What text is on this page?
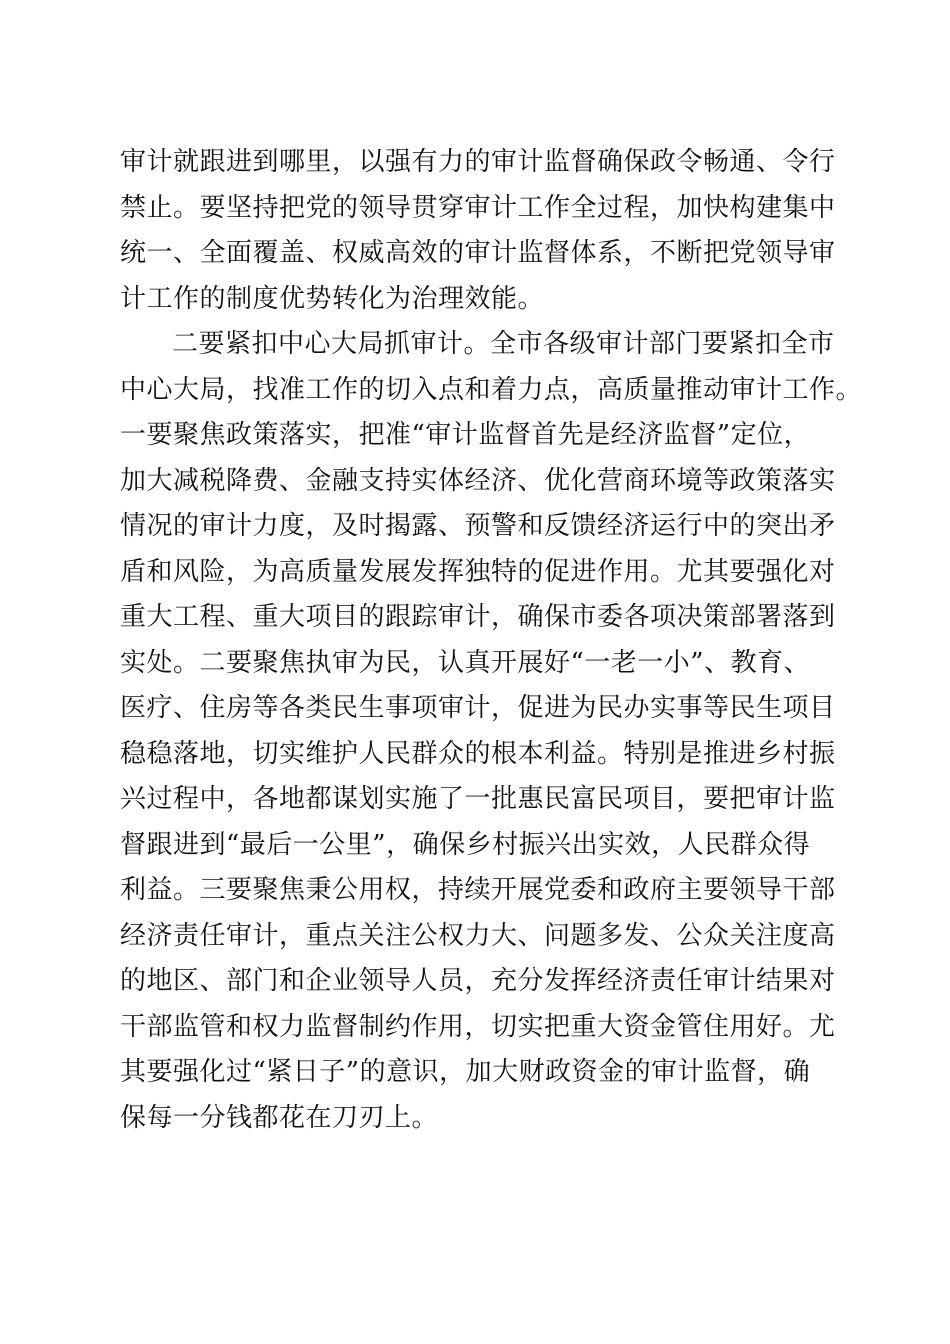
审计就跟进到哪里，以强有力的审计监督确保政令畅通、令行
禁止。要坚持把党的领导贯穿审计工作全过程，加快构建集中
统一、全面覆盖、权威高效的审计监督体系，不断把党领导审
计工作的制度优势转化为治理效能。
二要紧扣中心大局抓审计。全市各级审计部门要紧扣全市
中心大局，找准工作的切入点和着力点，高质量推动审计工作。
一要聚焦政策落实，把准“审计监督首先是经济监督”定位，
加大减税降费、金融支持实体经济、优化营商环境等政策落实
情况的审计力度，及时揭露、预警和反馈经济运行中的突出矛
盾和风险，为高质量发展发挥独特的促进作用。尤其要强化对
重大工程、重大项目的跟踪审计，确保市委各项决策部署落到
实处。二要聚焦执审为民，认真开展好“一老一小”、教育、
医疗、住房等各类民生事项审计，促进为民办实事等民生项目
稳稳落地，切实维护人民群众的根本利益。特别是推进乡村振
兴过程中，各地都谋划实施了一批惠民富民项目，要把审计监
督跟进到“最后一公里”，确保乡村振兴出实效，人民群众得
利益。三要聚焦秉公用权，持续开展党委和政府主要领导干部
经济责任审计，重点关注公权力大、问题多发、公众关注度高
的地区、部门和企业领导人员，充分发挥经济责任审计结果对
干部监管和权力监督制约作用，切实把重大资金管住用好。尤
其要强化过“紧日子”的意识，加大财政资金的审计监督，确
保每一分钱都花在刀刃上。
